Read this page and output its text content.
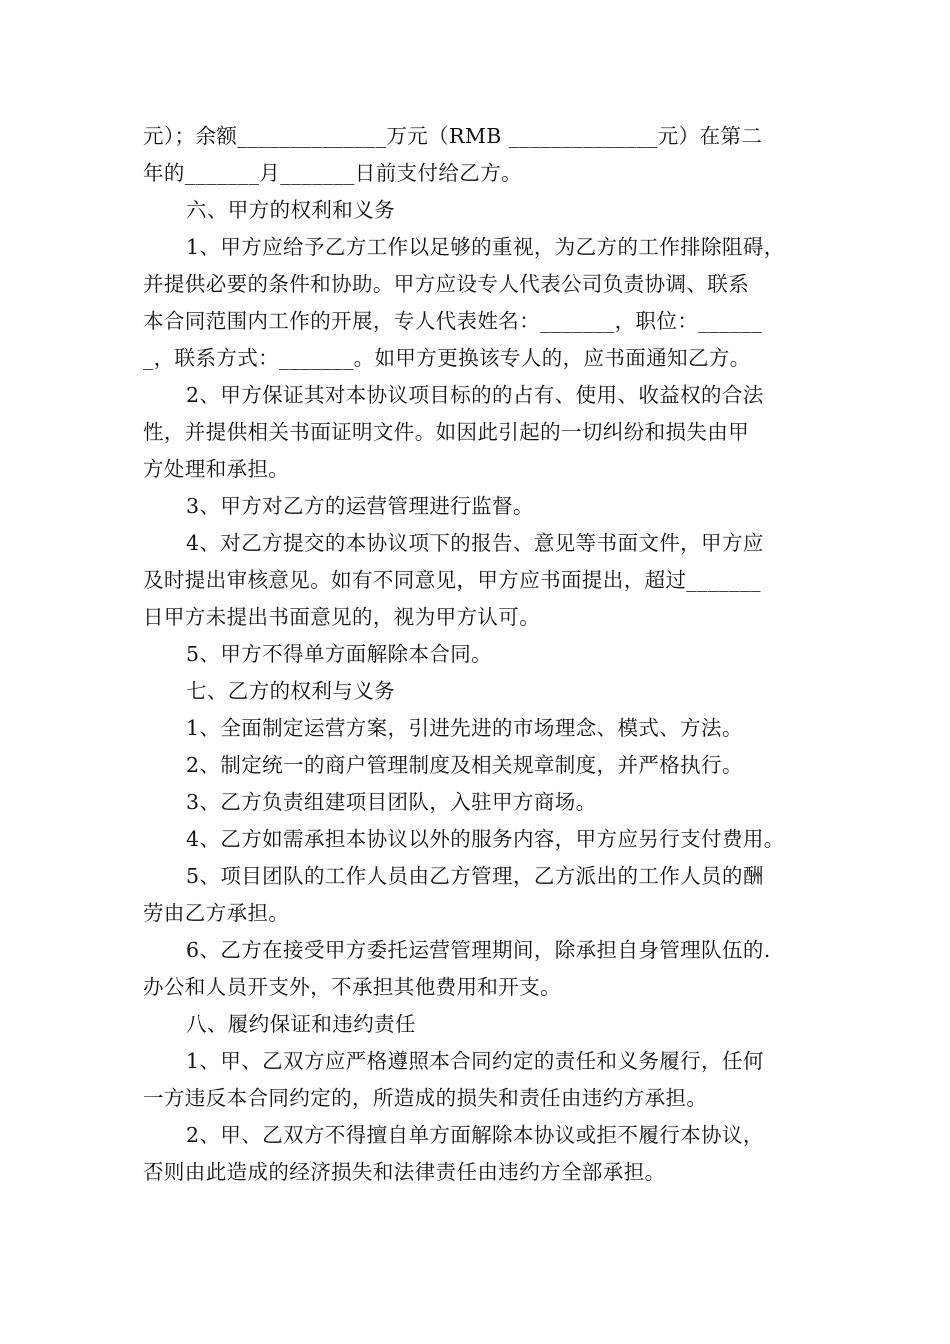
元）；余额______________万元（RMB ______________元）在第二
年的_______月_______日前支付给乙方。
六、甲方的权利和义务
1、甲方应给予乙方工作以足够的重视，为乙方的工作排除阻碍，
并提供必要的条件和协助。甲方应设专人代表公司负责协调、联系
本合同范围内工作的开展，专人代表姓名：_______，职位：______
_，联系方式：_______。如甲方更换该专人的，应书面通知乙方。
2、甲方保证其对本协议项目标的的占有、使用、收益权的合法
性，并提供相关书面证明文件。如因此引起的一切纠纷和损失由甲
方处理和承担。
3、甲方对乙方的运营管理进行监督。
4、对乙方提交的本协议项下的报告、意见等书面文件，甲方应
及时提出审核意见。如有不同意见，甲方应书面提出，超过_______
日甲方未提出书面意见的，视为甲方认可。
5、甲方不得单方面解除本合同。
七、乙方的权利与义务
1、全面制定运营方案，引进先进的市场理念、模式、方法。
2、制定统一的商户管理制度及相关规章制度，并严格执行。
3、乙方负责组建项目团队，入驻甲方商场。
4、乙方如需承担本协议以外的服务内容，甲方应另行支付费用。
5、项目团队的工作人员由乙方管理，乙方派出的工作人员的酬
劳由乙方承担。
6、乙方在接受甲方委托运营管理期间，除承担自身管理队伍的.
办公和人员开支外，不承担其他费用和开支。
八、履约保证和违约责任
1、甲、乙双方应严格遵照本合同约定的责任和义务履行，任何
一方违反本合同约定的，所造成的损失和责任由违约方承担。
2、甲、乙双方不得擅自单方面解除本协议或拒不履行本协议，
否则由此造成的经济损失和法律责任由违约方全部承担。
